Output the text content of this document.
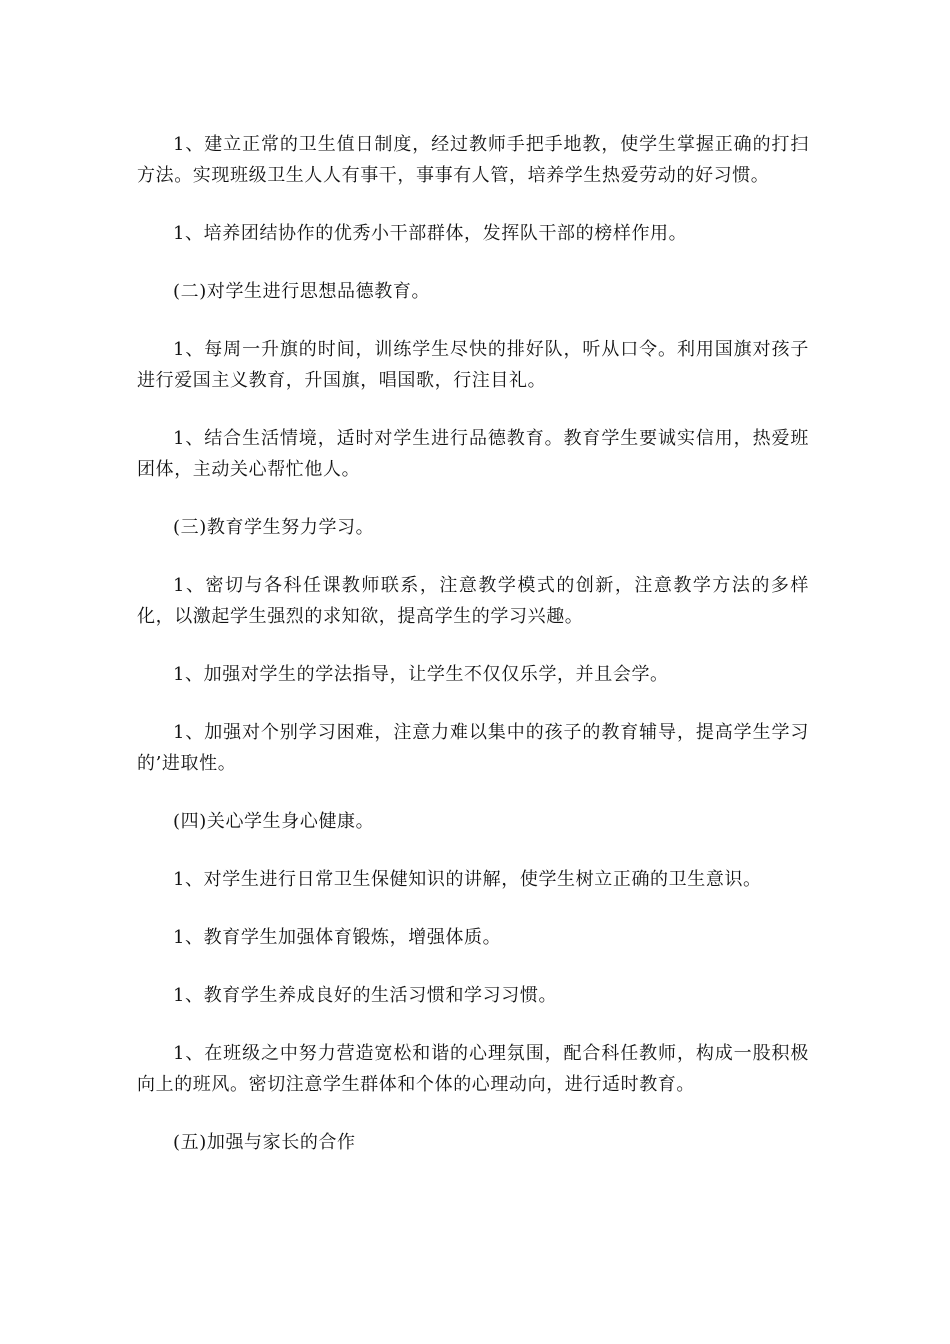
1、建立正常的卫生值日制度，经过教师手把手地教，使学生掌握正确的打扫方法。实现班级卫生人人有事干，事事有人管，培养学生热爱劳动的好习惯。

1、培养团结协作的优秀小干部群体，发挥队干部的榜样作用。

(二)对学生进行思想品德教育。

1、每周一升旗的时间，训练学生尽快的排好队，听从口令。利用国旗对孩子进行爱国主义教育，升国旗，唱国歌，行注目礼。

1、结合生活情境，适时对学生进行品德教育。教育学生要诚实信用，热爱班团体，主动关心帮忙他人。

(三)教育学生努力学习。

1、密切与各科任课教师联系，注意教学模式的创新，注意教学方法的多样化，以激起学生强烈的求知欲，提高学生的学习兴趣。

1、加强对学生的学法指导，让学生不仅仅乐学，并且会学。

1、加强对个别学习困难，注意力难以集中的孩子的教育辅导，提高学生学习的’进取性。

(四)关心学生身心健康。

1、对学生进行日常卫生保健知识的讲解，使学生树立正确的卫生意识。

1、教育学生加强体育锻炼，增强体质。

1、教育学生养成良好的生活习惯和学习习惯。

1、在班级之中努力营造宽松和谐的心理氛围，配合科任教师，构成一股积极向上的班风。密切注意学生群体和个体的心理动向，进行适时教育。

(五)加强与家长的合作
